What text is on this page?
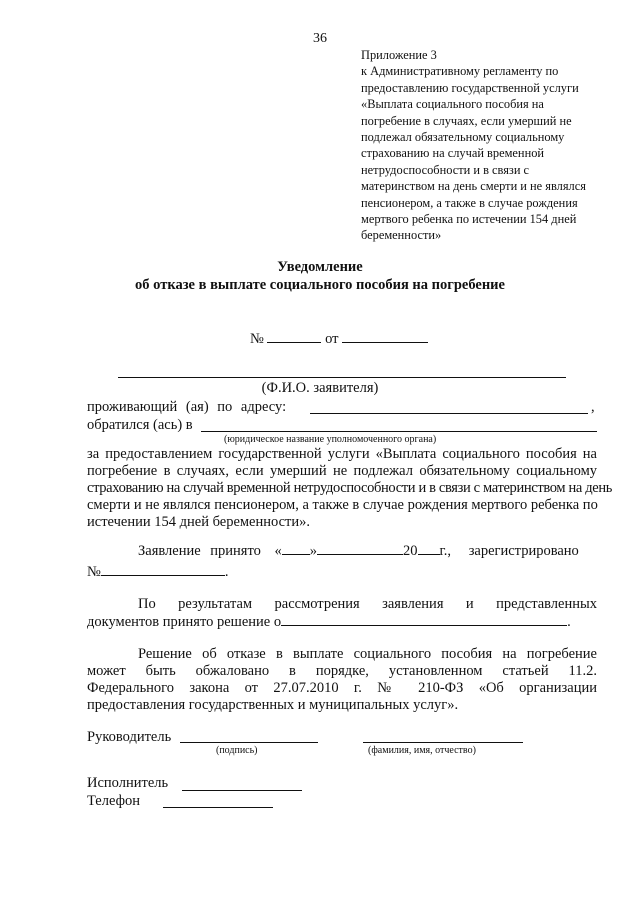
36
Приложение 3
к Административному регламенту по
предоставлению государственной услуги
«Выплата социального пособия на
погребение в случаях, если умерший не
подлежал обязательному социальному
страхованию на случай временной
нетрудоспособности и в связи с
материнством на день смерти и не являлся
пенсионером, а также в случае рождения
мертвого ребенка по истечении 154 дней
беременности»
Уведомление
об отказе в выплате социального пособия на погребение
№	от
(Ф.И.О. заявителя)
проживающий (ая) по адресу:	,
обратился (ась) в
(юридическое название уполномоченного органа)
за предоставлением государственной услуги «Выплата социального пособия на
погребение в случаях, если умерший не подлежал обязательному социальному
страхованию на случай временной нетрудоспособности и в связи с материнством на день
смерти и не являлся пенсионером, а также в случае рождения мертвого ребенка по
истечении 154 дней беременности».
Заявление принято « »	20 г., зарегистрировано
№	.
По результатам рассмотрения заявления и представленных
документов принято решение о	.
Решение об отказе в выплате социального пособия на погребение
может быть обжаловано в порядке, установленном статьей 11.2.
Федерального закона от 27.07.2010 г. № 210-ФЗ «Об организации
предоставления государственных и муниципальных услуг».
Руководитель
(подпись)	(фамилия, имя, отчество)
Исполнитель
Телефон
